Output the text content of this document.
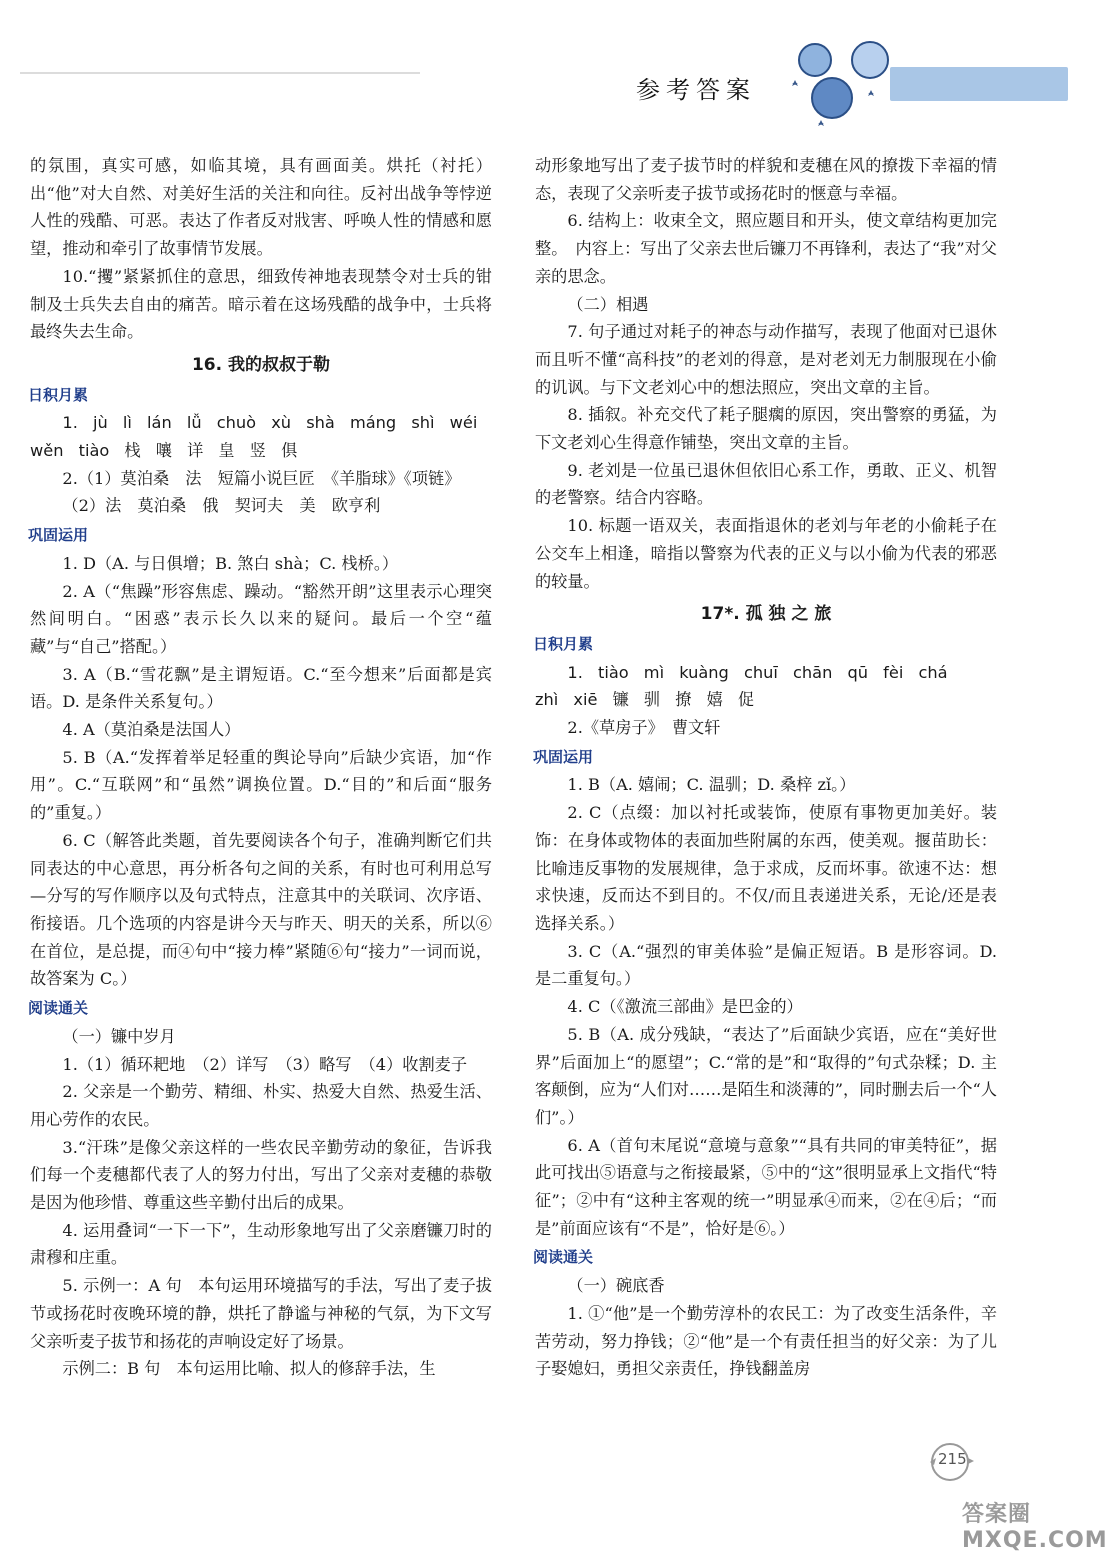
参考答案

的氛围，真实可感，如临其境，具有画面美。烘托（衬托）出“他”对大自然、对美好生活的关注和向往。反衬出战争等悖逆人性的残酷、可恶。表达了作者反对戕害、呼唤人性的情感和愿望，推动和牵引了故事情节发展。

10.“攫”紧紧抓住的意思，细致传神地表现禁令对士兵的钳制及士兵失去自由的痛苦。暗示着在这场残酷的战争中，士兵将最终失去生命。

16. 我的叔叔于勒
日积月累

1. jù lì lán lǚ chuò xù shà máng shì wéi

wěn tiào 栈 嚷 详 皇 竖 俱

2.（1）莫泊桑　法　短篇小说巨匠　《羊脂球》《项链》

（2）法　莫泊桑　俄　契诃夫　美　欧亨利

巩固运用

1. D（A. 与日俱增；B. 煞白 shà；C. 栈桥。）

2. A（“焦躁”形容焦虑、躁动。“豁然开朗”这里表示心理突然间明白。“困惑”表示长久以来的疑问。最后一个空“蕴藏”与“自己”搭配。）

3. A（B.“雪花飘”是主谓短语。C.“至今想来”后面都是宾语。D. 是条件关系复句。）

4. A（莫泊桑是法国人）

5. B（A.“发挥着举足轻重的舆论导向”后缺少宾语，加“作用”。C.“互联网”和“虽然”调换位置。D.“目的”和后面“服务的”重复。）

6. C（解答此类题，首先要阅读各个句子，准确判断它们共同表达的中心意思，再分析各句之间的关系，有时也可利用总写—分写的写作顺序以及句式特点，注意其中的关联词、次序语、衔接语。几个选项的内容是讲今天与昨天、明天的关系，所以⑥在首位，是总提，而④句中“接力棒”紧随⑥句“接力”一词而说，故答案为 C。）

阅读通关

（一）镰中岁月

1.（1）循环耙地　（2）详写　（3）略写　（4）收割麦子

2. 父亲是一个勤劳、精细、朴实、热爱大自然、热爱生活、用心劳作的农民。

3.“汗珠”是像父亲这样的一些农民辛勤劳动的象征，告诉我们每一个麦穗都代表了人的努力付出，写出了父亲对麦穗的恭敬是因为他珍惜、尊重这些辛勤付出后的成果。

4. 运用叠词“一下一下”，生动形象地写出了父亲磨镰刀时的肃穆和庄重。

5. 示例一：A 句　本句运用环境描写的手法，写出了麦子拔节或扬花时夜晚环境的静，烘托了静谧与神秘的气氛，为下文写父亲听麦子拔节和扬花的声响设定好了场景。

示例二：B 句　本句运用比喻、拟人的修辞手法，生

动形象地写出了麦子拔节时的样貌和麦穗在风的撩拨下幸福的情态，表现了父亲听麦子拔节或扬花时的惬意与幸福。

6. 结构上：收束全文，照应题目和开头，使文章结构更加完整。　内容上：写出了父亲去世后镰刀不再锋利，表达了“我”对父亲的思念。

（二）相遇

7. 句子通过对耗子的神态与动作描写，表现了他面对已退休而且听不懂“高科技”的老刘的得意，是对老刘无力制服现在小偷的讥讽。与下文老刘心中的想法照应，突出文章的主旨。

8. 插叙。补充交代了耗子腿瘸的原因，突出警察的勇猛，为下文老刘心生得意作铺垫，突出文章的主旨。

9. 老刘是一位虽已退休但依旧心系工作，勇敢、正义、机智的老警察。结合内容略。

10. 标题一语双关，表面指退休的老刘与年老的小偷耗子在公交车上相逢，暗指以警察为代表的正义与以小偷为代表的邪恶的较量。

17*. 孤 独 之 旅
日积月累

1. tiào mì kuàng chuī chān qū fèi chá

zhì xiē 镰 驯 撩 嬉 促

2.《草房子》　曹文轩

巩固运用

1. B（A. 嬉闹；C. 温驯；D. 桑梓 zǐ。）

2. C（点缀：加以衬托或装饰，使原有事物更加美好。装饰：在身体或物体的表面加些附属的东西，使美观。揠苗助长：比喻违反事物的发展规律，急于求成，反而坏事。欲速不达：想求快速，反而达不到目的。不仅/而且表递进关系，无论/还是表选择关系。）

3. C（A.“强烈的审美体验”是偏正短语。B 是形容词。D. 是二重复句。）

4. C（《激流三部曲》是巴金的）

5. B（A. 成分残缺，“表达了”后面缺少宾语，应在“美好世界”后面加上“的愿望”；C.“常的是”和“取得的”句式杂糅；D. 主客颠倒，应为“人们对……是陌生和淡薄的”，同时删去后一个“人们”。）

6. A（首句末尾说“意境与意象”“具有共同的审美特征”，据此可找出⑤语意与之衔接最紧，⑤中的“这”很明显承上文指代“特征”；②中有“这种主客观的统一”明显承④而来，②在④后；“而是”前面应该有“不是”，恰好是⑥。）

阅读通关

（一）碗底香

1. ①“他”是一个勤劳淳朴的农民工：为了改变生活条件，辛苦劳动，努力挣钱；②“他”是一个有责任担当的好父亲：为了儿子娶媳妇，勇担父亲责任，挣钱翻盖房

215
答案圈 MXQE.COM
